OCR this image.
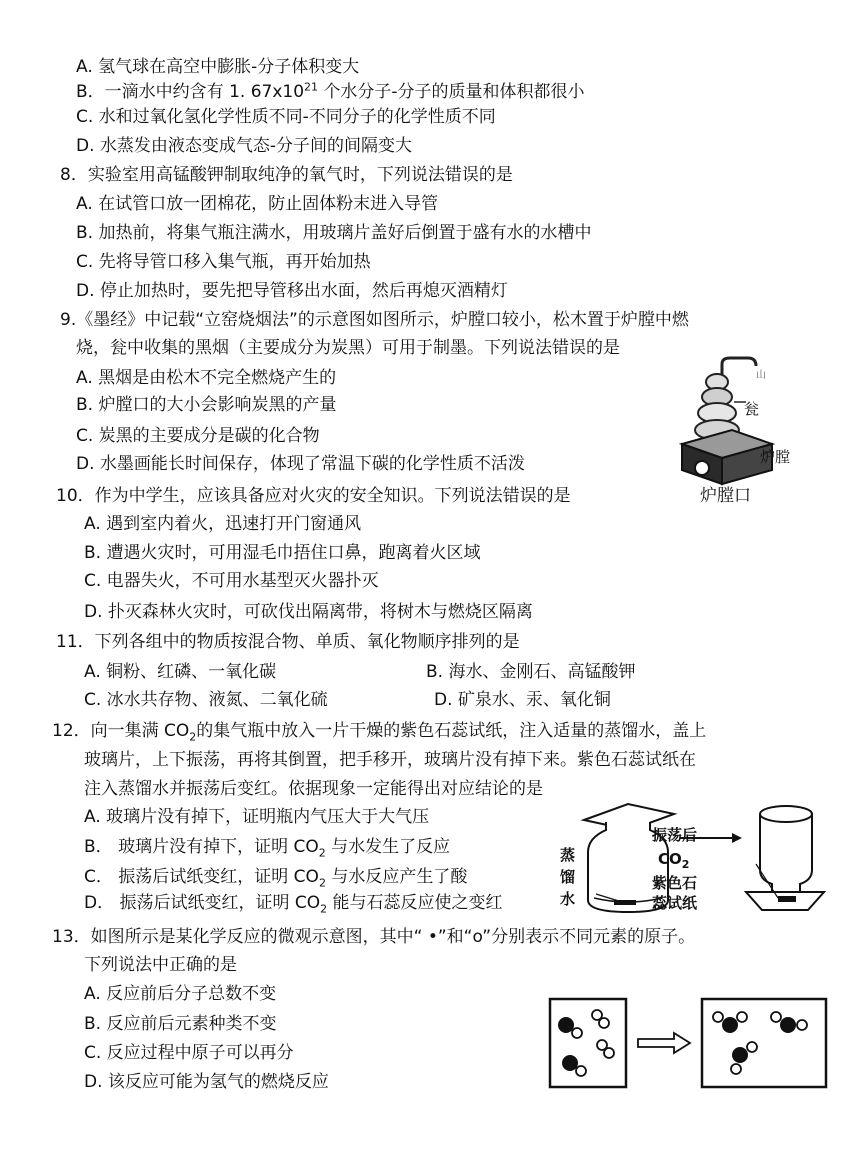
A. 氢气球在高空中膨胀-分子体积变大
B．一滴水中约含有 1. $67x10^{21}$ 个水分子-分子的质量和体积都很小
C. 水和过氧化氢化学性质不同-不同分子的化学性质不同
D. 水蒸发由液态变成气态-分子间的间隔变大
8．实验室用高锰酸钾制取纯净的氧气时，下列说法错误的是
A. 在试管口放一团棉花，防止固体粉末进入导管
B. 加热前，将集气瓶注满水，用玻璃片盖好后倒置于盛有水的水槽中
C. 先将导管口移入集气瓶，再开始加热
D. 停止加热时，要先把导管移出水面，然后再熄灭酒精灯
9.《墨经》中记载“立窑烧烟法”的示意图如图所示，炉膛口较小，松木置于炉膛中燃
烧，瓮中收集的黑烟（主要成分为炭黑）可用于制墨。下列说法错误的是
A. 黑烟是由松木不完全燃烧产生的
B. 炉膛口的大小会影响炭黑的产量
C. 炭黑的主要成分是碳的化合物
D. 水墨画能长时间保存，体现了常温下碳的化学性质不活泼
山
瓮
炉膛
10．作为中学生，应该具备应对火灾的安全知识。下列说法错误的是	炉膛口
A. 遇到室内着火，迅速打开门窗通风
B. 遭遇火灾时，可用湿毛巾捂住口鼻，跑离着火区域
C. 电器失火，不可用水基型灭火器扑灭
D. 扑灭森林火灾时，可砍伐出隔离带，将树木与燃烧区隔离
11．下列各组中的物质按混合物、单质、氧化物顺序排列的是
A. 铜粉、红磷、一氧化碳	B. 海水、金刚石、高锰酸钾
C. 冰水共存物、液氮、二氧化硫	D. 矿泉水、汞、氧化铜
12．向一集满 $CO_2$的集气瓶中放入一片干燥的紫色石蕊试纸，注入适量的蒸馏水，盖上
玻璃片，上下振荡，再将其倒置，把手移开，玻璃片没有掉下来。紫色石蕊试纸在
注入蒸馏水并振荡后变红。依据现象一定能得出对应结论的是
A. 玻璃片没有掉下，证明瓶内气压大于大气压
B． 玻璃片没有掉下，证明 $CO_2$ 与水发生了反应
C． 振荡后试纸变红，证明 $CO_2$ 与水反应产生了酸
D． 振荡后试纸变红，证明 $CO_2$ 能与石蕊反应使之变红
振荡后
$CO_2$
蒸
馏
水
紫色石
蕊试纸
13．如图所示是某化学反应的微观示意图，其中“ •”和“o”分别表示不同元素的原子。
下列说法中正确的是
A. 反应前后分子总数不变
B. 反应前后元素种类不变
C. 反应过程中原子可以再分
D. 该反应可能为氢气的燃烧反应
